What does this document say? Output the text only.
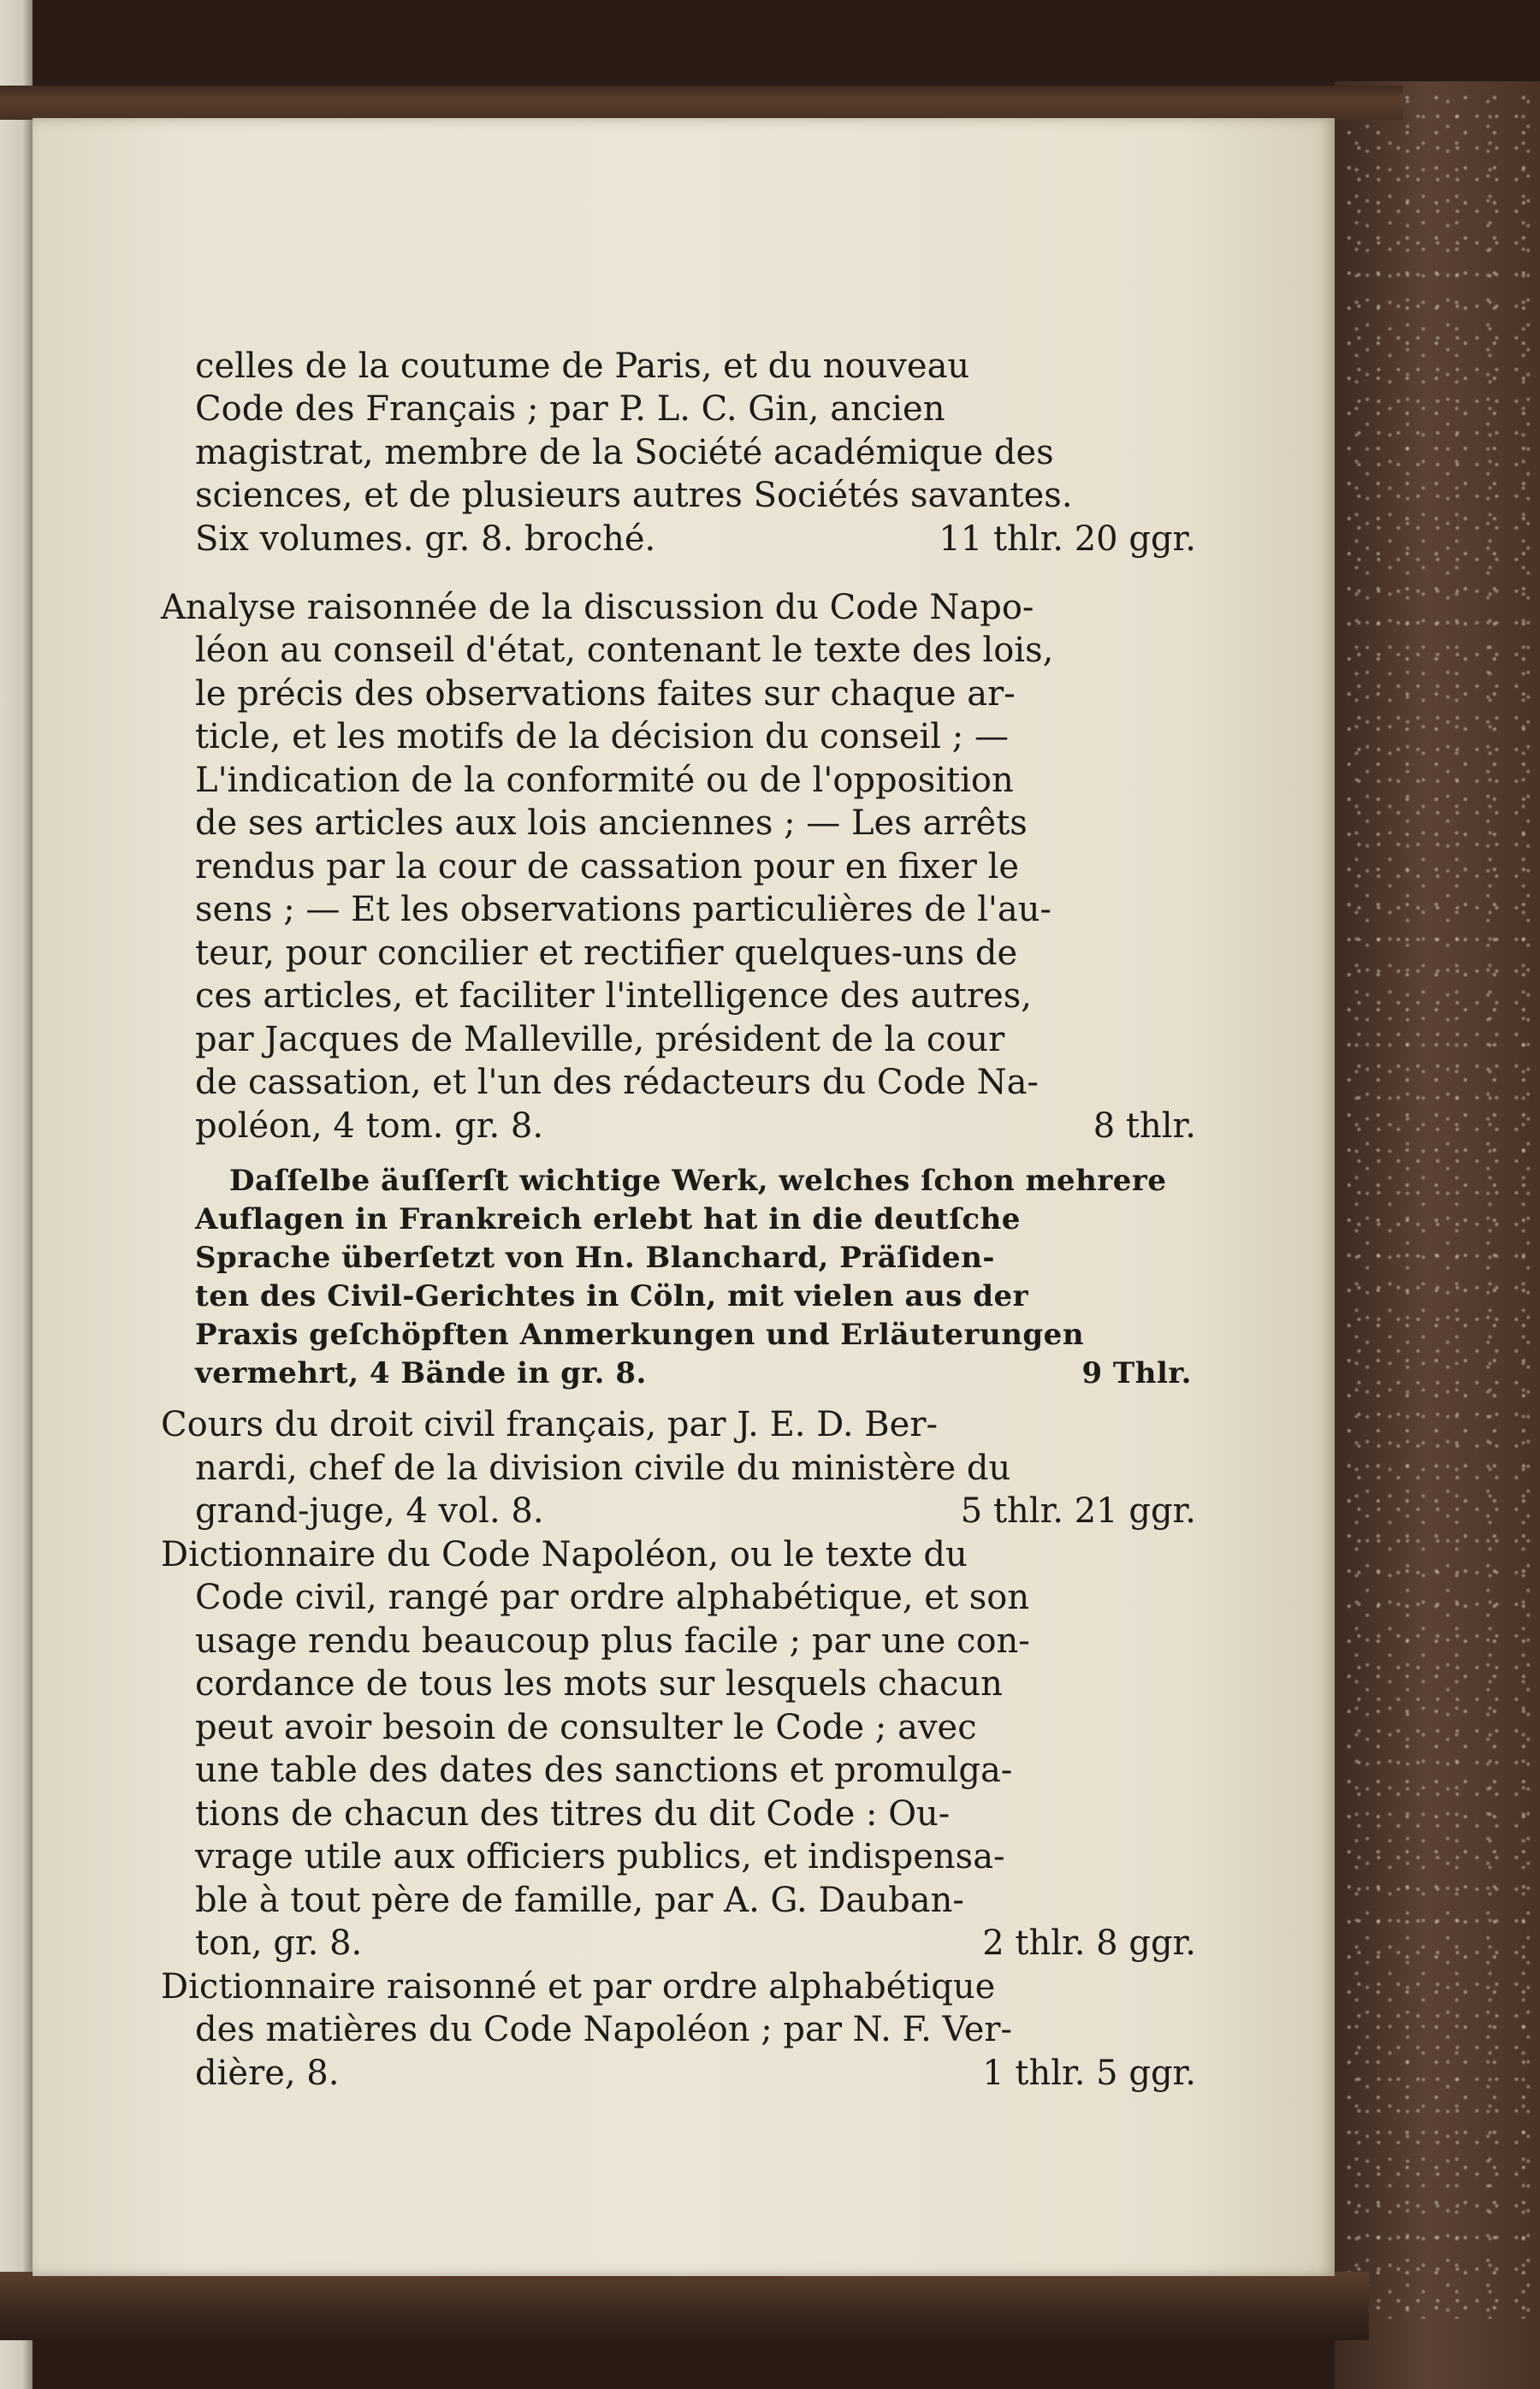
celles de la coutume de Paris, et du nouveau
Code des Français ; par P. L. C. Gin, ancien
magistrat, membre de la Société académique des
sciences, et de plusieurs autres Sociétés savantes.
Six volumes. gr. 8. broché.	11 thlr. 20 ggr.
Analyse raisonnée de la discussion du Code Napo-
léon au conseil d'état, contenant le texte des lois,
le précis des observations faites sur chaque ar-
ticle, et les motifs de la décision du conseil ; —
L'indication de la conformité ou de l'opposition
de ses articles aux lois anciennes ; — Les arrêts
rendus par la cour de cassation pour en fixer le
sens ; — Et les observations particulières de l'au-
teur, pour concilier et rectifier quelques-uns de
ces articles, et faciliter l'intelligence des autres,
par Jacques de Malleville, président de la cour
de cassation, et l'un des rédacteurs du Code Na-
poléon, 4 tom. gr. 8.	8 thlr.
Daſſelbe äuſſerſt wichtige Werk, welches ſchon mehrere
Auflagen in Frankreich erlebt hat in die deutſche
Sprache überſetzt von Hn. Blanchard, Präſiden-
ten des Civil-Gerichtes in Cöln, mit vielen aus der
Praxis geſchöpften Anmerkungen und Erläuterungen
vermehrt, 4 Bände in gr. 8.	9 Thlr.
Cours du droit civil français, par J. E. D. Ber-
nardi, chef de la division civile du ministère du
grand-juge, 4 vol. 8.	5 thlr. 21 ggr.
Dictionnaire du Code Napoléon, ou le texte du
Code civil, rangé par ordre alphabétique, et son
usage rendu beaucoup plus facile ; par une con-
cordance de tous les mots sur lesquels chacun
peut avoir besoin de consulter le Code ; avec
une table des dates des sanctions et promulga-
tions de chacun des titres du dit Code : Ou-
vrage utile aux officiers publics, et indispensa-
ble à tout père de famille, par A. G. Dauban-
ton, gr. 8.	2 thlr. 8 ggr.
Dictionnaire raisonné et par ordre alphabétique
des matières du Code Napoléon ; par N. F. Ver-
dière, 8.	1 thlr. 5 ggr.
